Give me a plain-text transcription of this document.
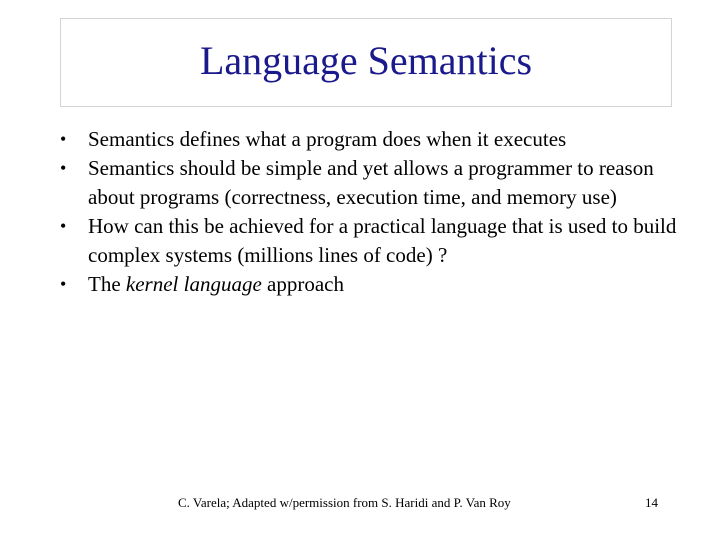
Language Semantics
• Semantics defines what a program does when it executes
• Semantics should be simple and yet allows a programmer to reason about programs (correctness, execution time, and memory use)
• How can this be achieved for a practical language that is used to build complex systems (millions lines of code) ?
• The kernel language approach
C. Varela; Adapted w/permission from S. Haridi and P. Van Roy	14
